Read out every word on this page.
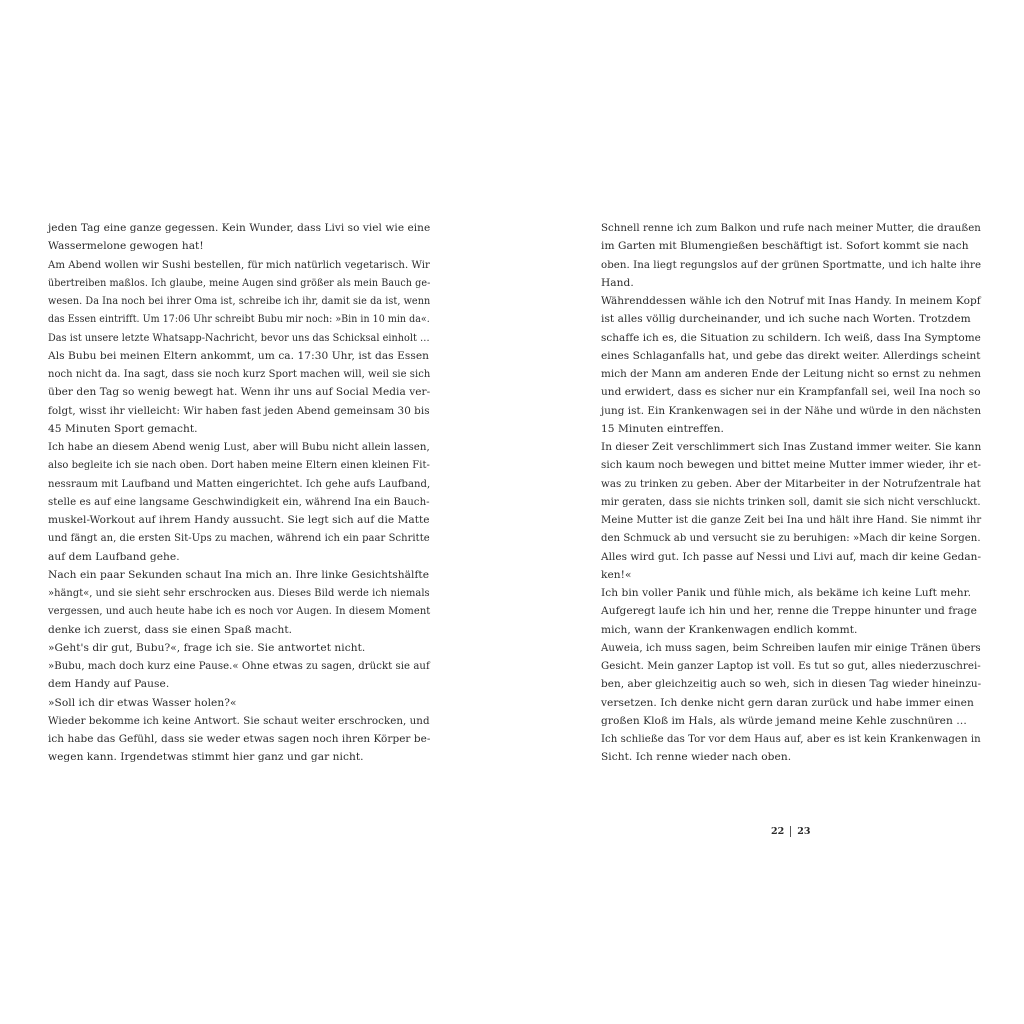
jeden Tag eine ganze gegessen. Kein Wunder, dass Livi so viel wie eine
Wassermelone gewogen hat!
Am Abend wollen wir Sushi bestellen, für mich natürlich vegetarisch. Wir
übertreiben maßlos. Ich glaube, meine Augen sind größer als mein Bauch ge-
wesen. Da Ina noch bei ihrer Oma ist, schreibe ich ihr, damit sie da ist, wenn
das Essen eintrifft. Um 17:06 Uhr schreibt Bubu mir noch: »Bin in 10 min da«.
Das ist unsere letzte Whatsapp-Nachricht, bevor uns das Schicksal einholt …
Als Bubu bei meinen Eltern ankommt, um ca. 17:30 Uhr, ist das Essen
noch nicht da. Ina sagt, dass sie noch kurz Sport machen will, weil sie sich
über den Tag so wenig bewegt hat. Wenn ihr uns auf Social Media ver-
folgt, wisst ihr vielleicht: Wir haben fast jeden Abend gemeinsam 30 bis
45 Minuten Sport gemacht.
Ich habe an diesem Abend wenig Lust, aber will Bubu nicht allein lassen,
also begleite ich sie nach oben. Dort haben meine Eltern einen kleinen Fit-
nessraum mit Laufband und Matten eingerichtet. Ich gehe aufs Laufband,
stelle es auf eine langsame Geschwindigkeit ein, während Ina ein Bauch-
muskel-Workout auf ihrem Handy aussucht. Sie legt sich auf die Matte
und fängt an, die ersten Sit-Ups zu machen, während ich ein paar Schritte
auf dem Laufband gehe.
Nach ein paar Sekunden schaut Ina mich an. Ihre linke Gesichtshälfte
»hängt«, und sie sieht sehr erschrocken aus. Dieses Bild werde ich niemals
vergessen, und auch heute habe ich es noch vor Augen. In diesem Moment
denke ich zuerst, dass sie einen Spaß macht.
»Geht's dir gut, Bubu?«, frage ich sie. Sie antwortet nicht.
»Bubu, mach doch kurz eine Pause.« Ohne etwas zu sagen, drückt sie auf
dem Handy auf Pause.
»Soll ich dir etwas Wasser holen?«
Wieder bekomme ich keine Antwort. Sie schaut weiter erschrocken, und
ich habe das Gefühl, dass sie weder etwas sagen noch ihren Körper be-
wegen kann. Irgendetwas stimmt hier ganz und gar nicht.
Schnell renne ich zum Balkon und rufe nach meiner Mutter, die draußen
im Garten mit Blumengießen beschäftigt ist. Sofort kommt sie nach
oben. Ina liegt regungslos auf der grünen Sportmatte, und ich halte ihre
Hand.
Währenddessen wähle ich den Notruf mit Inas Handy. In meinem Kopf
ist alles völlig durcheinander, und ich suche nach Worten. Trotzdem
schaffe ich es, die Situation zu schildern. Ich weiß, dass Ina Symptome
eines Schlaganfalls hat, und gebe das direkt weiter. Allerdings scheint
mich der Mann am anderen Ende der Leitung nicht so ernst zu nehmen
und erwidert, dass es sicher nur ein Krampfanfall sei, weil Ina noch so
jung ist. Ein Krankenwagen sei in der Nähe und würde in den nächsten
15 Minuten eintreffen.
In dieser Zeit verschlimmert sich Inas Zustand immer weiter. Sie kann
sich kaum noch bewegen und bittet meine Mutter immer wieder, ihr et-
was zu trinken zu geben. Aber der Mitarbeiter in der Notrufzentrale hat
mir geraten, dass sie nichts trinken soll, damit sie sich nicht verschluckt.
Meine Mutter ist die ganze Zeit bei Ina und hält ihre Hand. Sie nimmt ihr
den Schmuck ab und versucht sie zu beruhigen: »Mach dir keine Sorgen.
Alles wird gut. Ich passe auf Nessi und Livi auf, mach dir keine Gedan-
ken!«
Ich bin voller Panik und fühle mich, als bekäme ich keine Luft mehr.
Aufgeregt laufe ich hin und her, renne die Treppe hinunter und frage
mich, wann der Krankenwagen endlich kommt.
Auweia, ich muss sagen, beim Schreiben laufen mir einige Tränen übers
Gesicht. Mein ganzer Laptop ist voll. Es tut so gut, alles niederzuschrei-
ben, aber gleichzeitig auch so weh, sich in diesen Tag wieder hineinzu-
versetzen. Ich denke nicht gern daran zurück und habe immer einen
großen Kloß im Hals, als würde jemand meine Kehle zuschnüren …
Ich schließe das Tor vor dem Haus auf, aber es ist kein Krankenwagen in
Sicht. Ich renne wieder nach oben.
22 23
